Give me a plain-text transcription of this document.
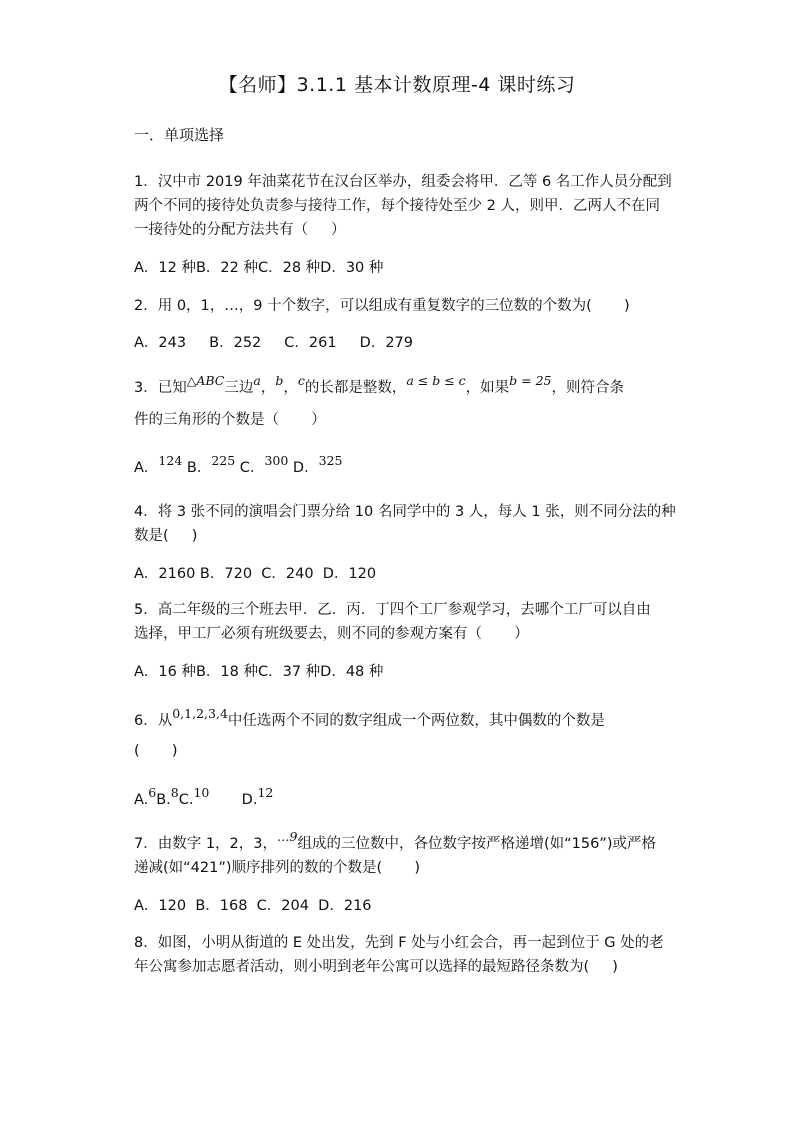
【名师】3.1.1 基本计数原理-4 课时练习
一．单项选择
1．汉中市 2019 年油菜花节在汉台区举办，组委会将甲．乙等 6 名工作人员分配到
两个不同的接待处负责参与接待工作，每个接待处至少 2 人，则甲．乙两人不在同
一接待处的分配方法共有（     ）
A．12 种B．22 种C．28 种D．30 种
2．用 0，1，…，9 十个数字，可以组成有重复数字的三位数的个数为(       )
A．243     B．252     C．261     D．279
3．已知△ABC三边a，b，c的长都是整数，a ≤ b ≤ c，如果b = 25，则符合条
件的三角形的个数是（       ）
A．124 B．225 C．300 D．325
4．将 3 张不同的演唱会门票分给 10 名同学中的 3 人，每人 1 张，则不同分法的种
数是(     )
A．2160 B．720  C．240  D．120
5．高二年级的三个班去甲．乙．丙．丁四个工厂参观学习，去哪个工厂可以自由
选择，甲工厂必须有班级要去，则不同的参观方案有（       ）
A．16 种B．18 种C．37 种D．48 种
6．从0,1,2,3,4中任选两个不同的数字组成一个两位数，其中偶数的个数是
(       )
A.6B.8C.10       D.12
7．由数字 1，2，3，…9组成的三位数中，各位数字按严格递增(如“156”)或严格
递减(如“421”)顺序排列的数的个数是(       )
A．120  B．168  C．204  D．216
8．如图，小明从街道的 E 处出发，先到 F 处与小红会合，再一起到位于 G 处的老
年公寓参加志愿者活动，则小明到老年公寓可以选择的最短路径条数为(     )
